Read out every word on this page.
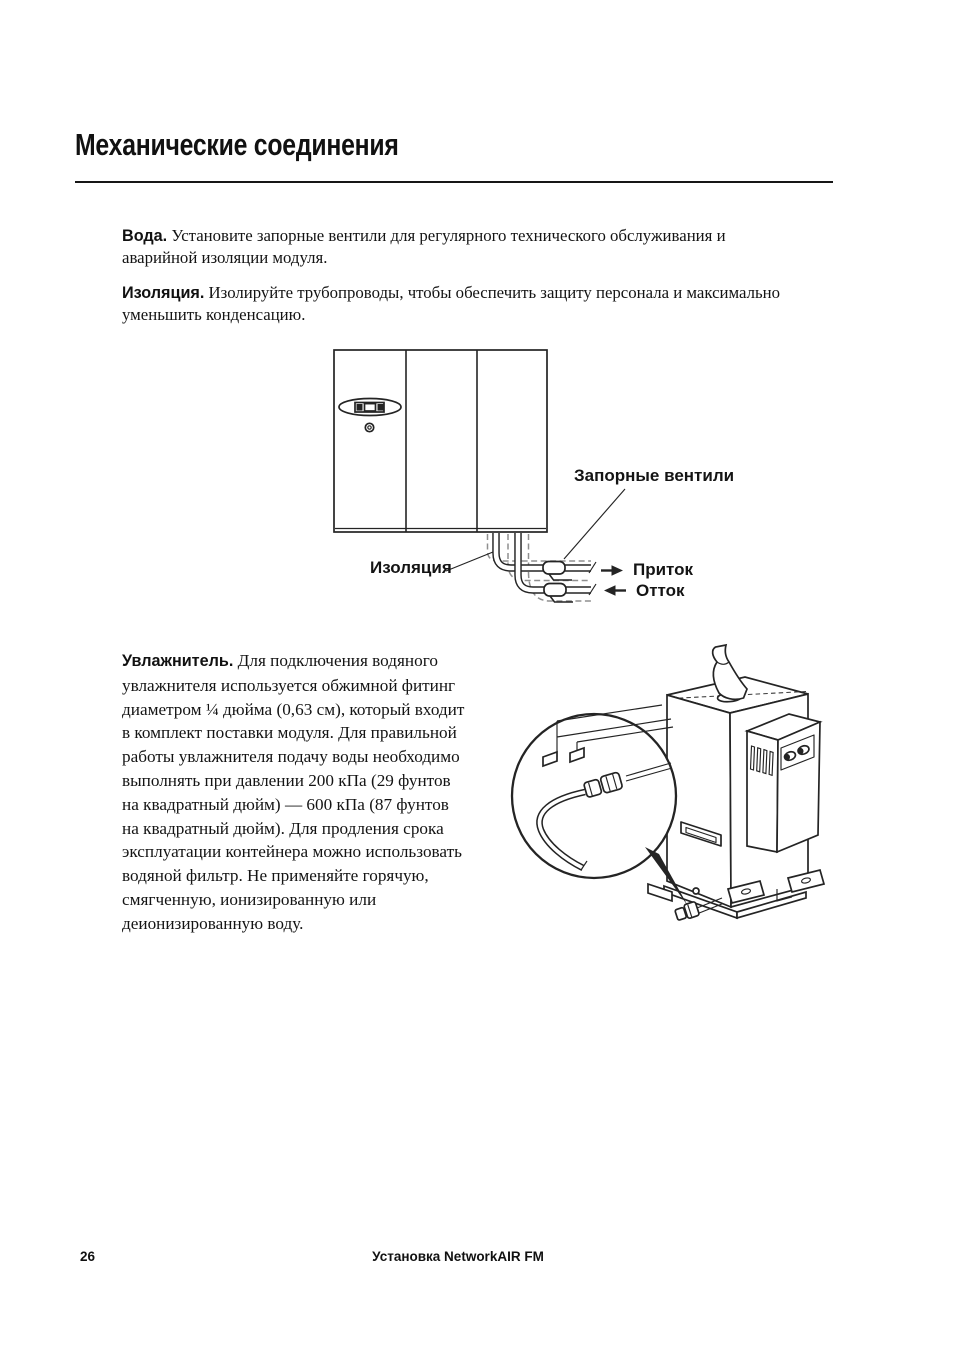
Механические соединения
Вода. Установите запорные вентили для регулярного технического обслуживания и
аварийной изоляции модуля.
Изоляция. Изолируйте трубопроводы, чтобы обеспечить защиту персонала и максимально
уменьшить конденсацию.
Запорные вентили
Изоляция	Приток
Отток
Увлажнитель. Для подключения водяного
увлажнителя используется обжимной фитинг
диаметром ¼ дюйма (0,63 см), который входит
в комплект поставки модуля. Для правильной
работы увлажнителя подачу воды необходимо
выполнять при давлении 200 кПа (29 фунтов
на квадратный дюйм) — 600 кПа (87 фунтов
на квадратный дюйм). Для продления срока
эксплуатации контейнера можно использовать
водяной фильтр. Не применяйте горячую,
смягченную, ионизированную или
деионизированную воду.
26	Установка NetworkAIR FM
